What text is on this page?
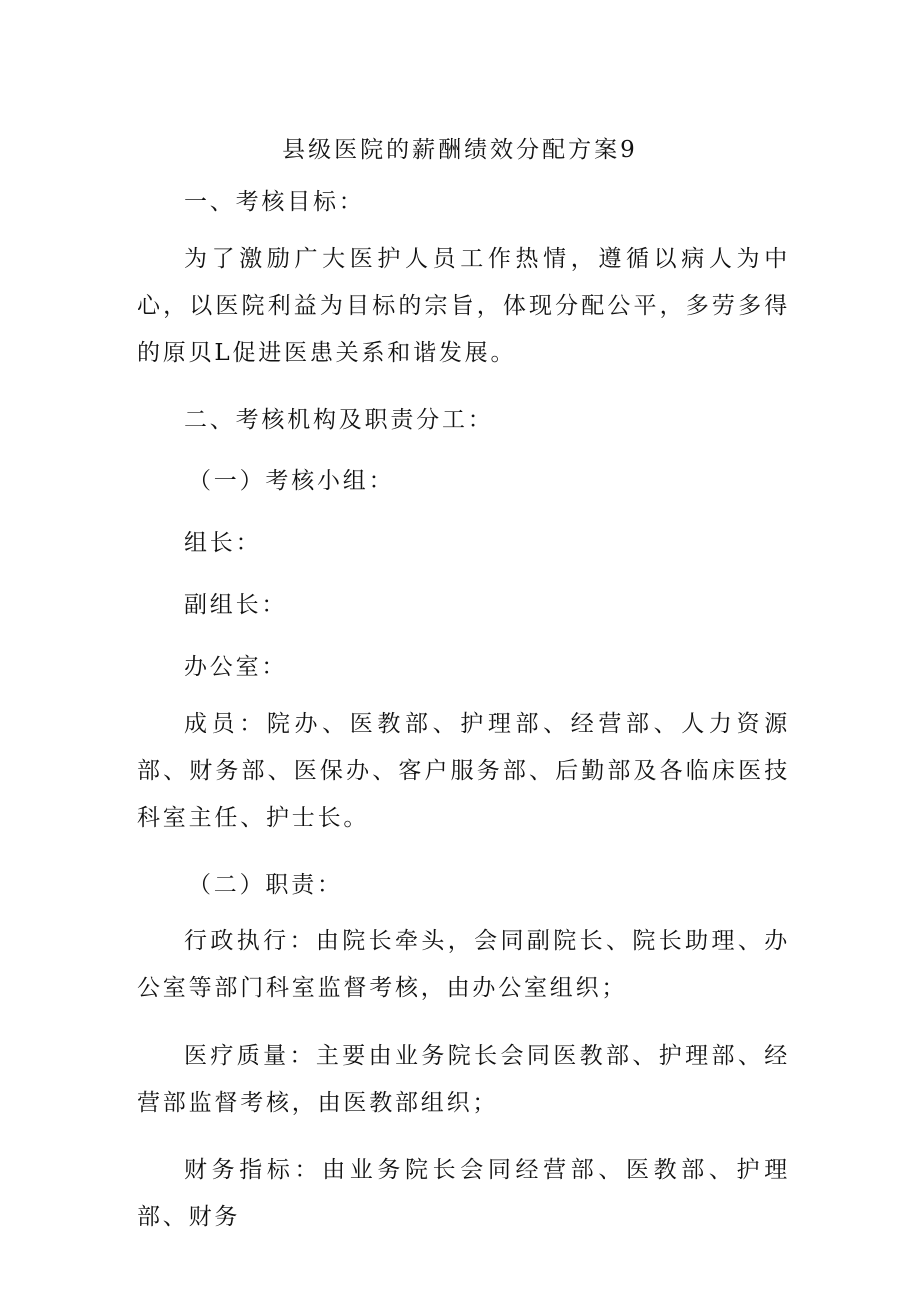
县级医院的薪酬绩效分配方案9
一、考核目标：

为了激励广大医护人员工作热情，遵循以病人为中心，以医院利益为目标的宗旨，体现分配公平，多劳多得的原贝L促进医患关系和谐发展。

二、考核机构及职责分工：
（一）考核小组：
组长：
副组长：
办公室：

成员：院办、医教部、护理部、经营部、人力资源部、财务部、医保办、客户服务部、后勤部及各临床医技科室主任、护士长。

（二）职责：

行政执行：由院长牵头，会同副院长、院长助理、办公室等部门科室监督考核，由办公室组织；

医疗质量：主要由业务院长会同医教部、护理部、经营部监督考核，由医教部组织；

财务指标：由业务院长会同经营部、医教部、护理部、财务
